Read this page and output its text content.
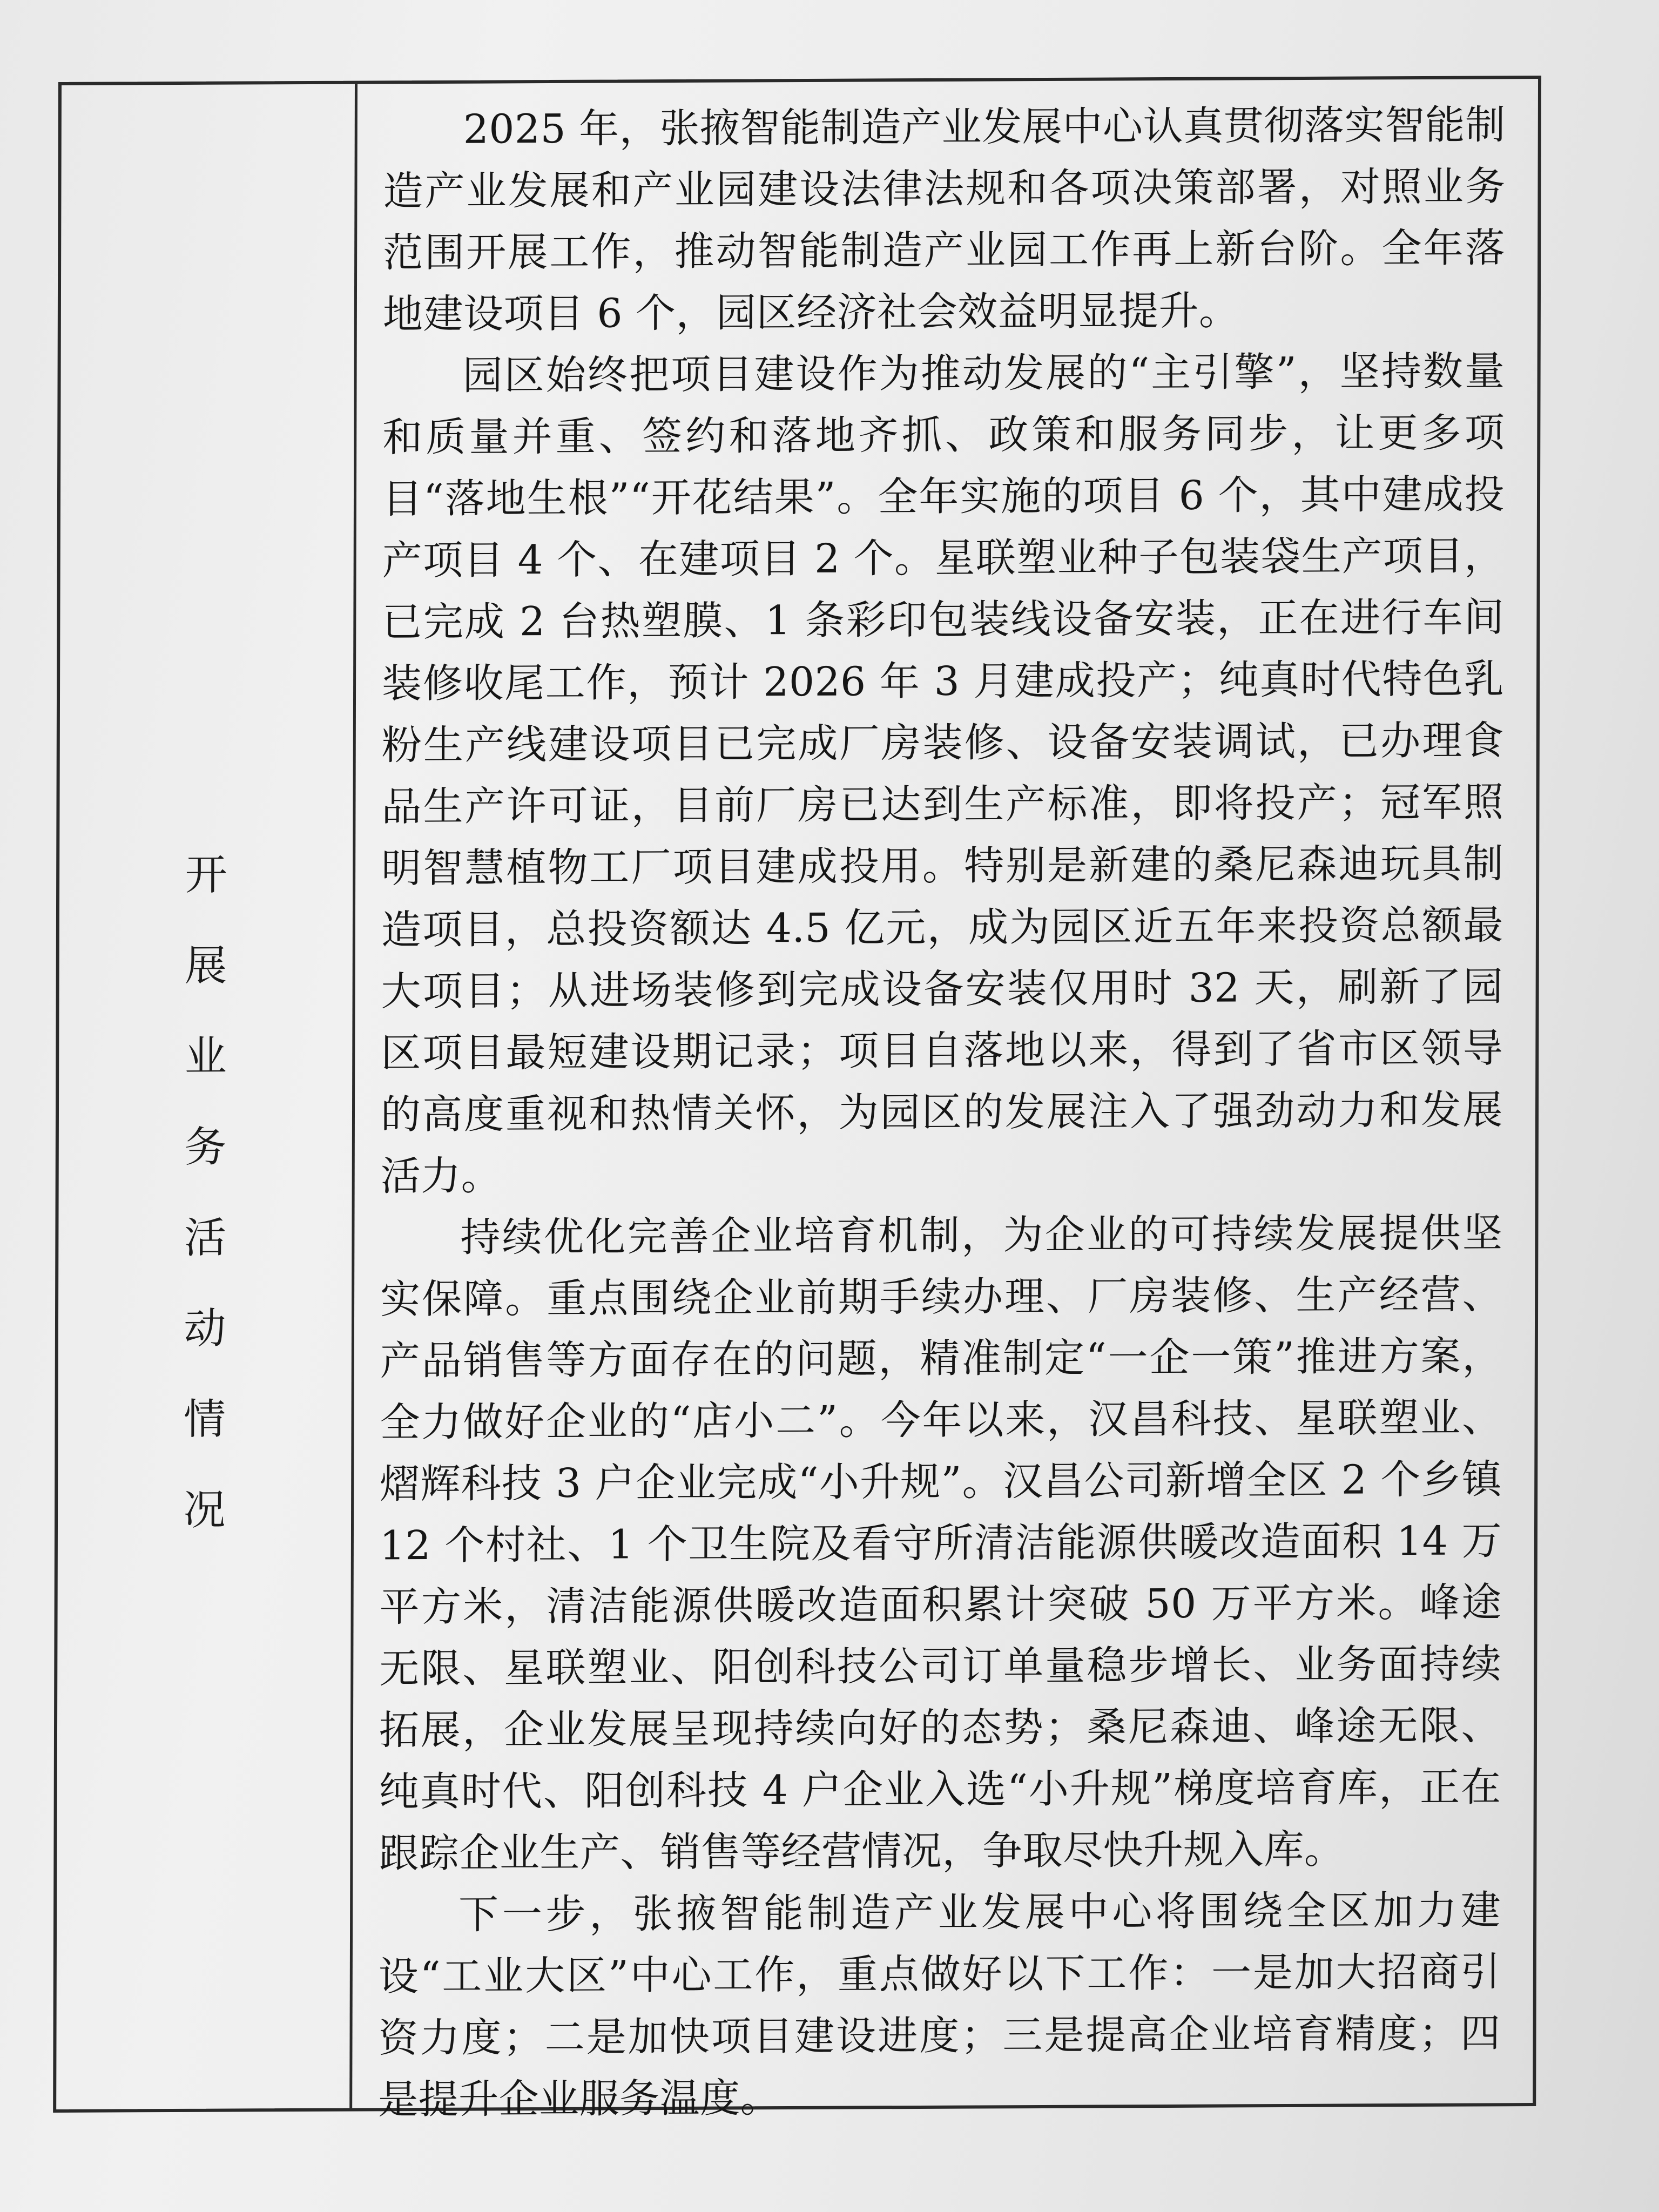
开
展
业
务
活
动
情
况

2025 年，张掖智能制造产业发展中心认真贯彻落实智能制造产业发展和产业园建设法律法规和各项决策部署，对照业务范围开展工作，推动智能制造产业园工作再上新台阶。全年落地建设项目 6 个，园区经济社会效益明显提升。

园区始终把项目建设作为推动发展的“主引擎”，坚持数量和质量并重、签约和落地齐抓、政策和服务同步，让更多项目“落地生根”“开花结果”。全年实施的项目 6 个，其中建成投产项目 4 个、在建项目 2 个。星联塑业种子包装袋生产项目，已完成 2 台热塑膜、1 条彩印包装线设备安装，正在进行车间装修收尾工作，预计 2026 年 3 月建成投产；纯真时代特色乳粉生产线建设项目已完成厂房装修、设备安装调试，已办理食品生产许可证，目前厂房已达到生产标准，即将投产；冠军照明智慧植物工厂项目建成投用。特别是新建的桑尼森迪玩具制造项目，总投资额达 4.5 亿元，成为园区近五年来投资总额最大项目；从进场装修到完成设备安装仅用时 32 天，刷新了园区项目最短建设期记录；项目自落地以来，得到了省市区领导的高度重视和热情关怀，为园区的发展注入了强劲动力和发展活力。

持续优化完善企业培育机制，为企业的可持续发展提供坚实保障。重点围绕企业前期手续办理、厂房装修、生产经营、产品销售等方面存在的问题，精准制定“一企一策”推进方案，全力做好企业的“店小二”。今年以来，汉昌科技、星联塑业、熠辉科技 3 户企业完成“小升规”。汉昌公司新增全区 2 个乡镇 12 个村社、1 个卫生院及看守所清洁能源供暖改造面积 14 万平方米，清洁能源供暖改造面积累计突破 50 万平方米。峰途无限、星联塑业、阳创科技公司订单量稳步增长、业务面持续拓展，企业发展呈现持续向好的态势；桑尼森迪、峰途无限、纯真时代、阳创科技 4 户企业入选“小升规”梯度培育库，正在跟踪企业生产、销售等经营情况，争取尽快升规入库。

下一步，张掖智能制造产业发展中心将围绕全区加力建设“工业大区”中心工作，重点做好以下工作：一是加大招商引资力度；二是加快项目建设进度；三是提高企业培育精度；四是提升企业服务温度。
